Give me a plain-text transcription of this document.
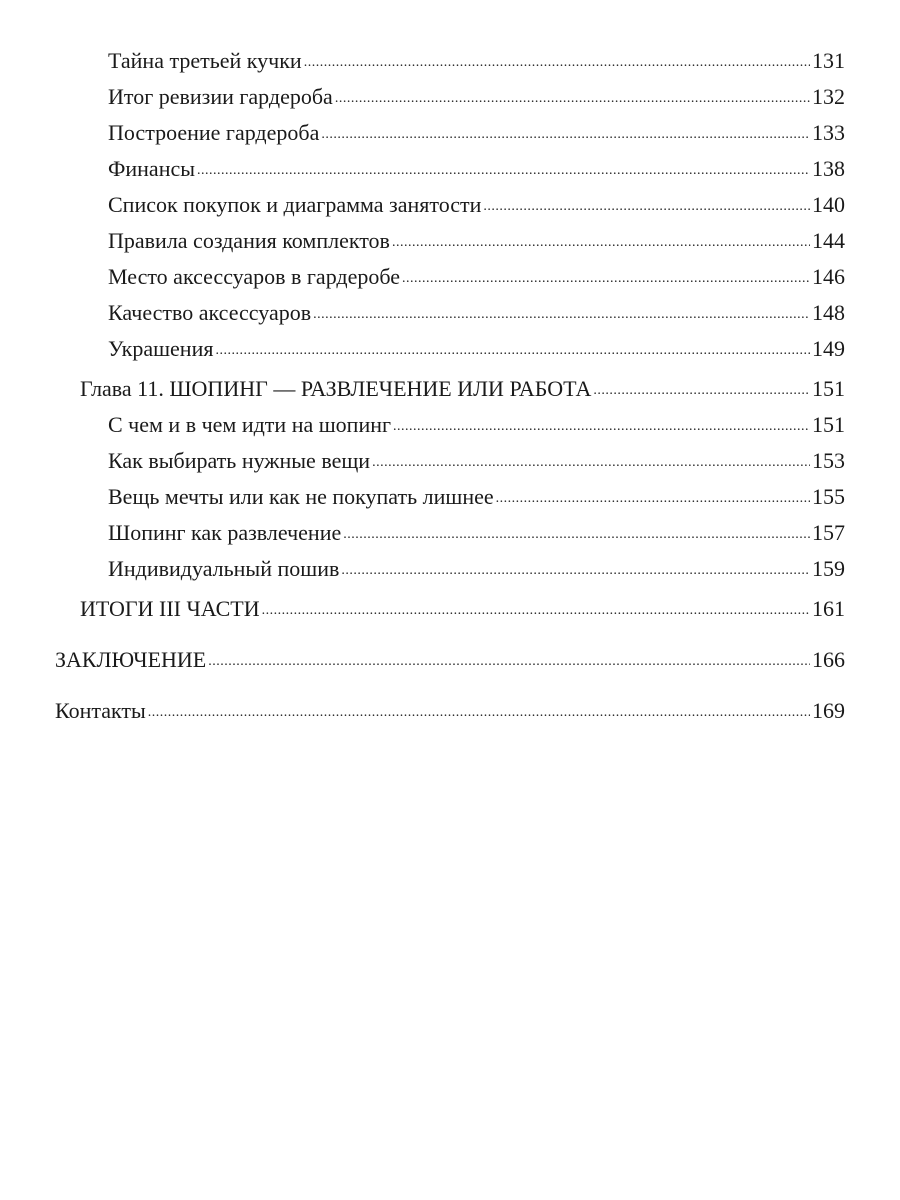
Тайна третьей кучки .....	131
Итог ревизии гардероба .....	132
Построение гардероба .....	133
Финансы .....	138
Список покупок и диаграмма занятости .....	140
Правила создания комплектов .....	144
Место аксессуаров в гардеробе .....	146
Качество аксессуаров .....	148
Украшения .....	149
Глава 11. ШОПИНГ — РАЗВЛЕЧЕНИЕ ИЛИ РАБОТА .....	151
С чем и в чем идти на шопинг .....	151
Как выбирать нужные вещи .....	153
Вещь мечты или как не покупать лишнее .....	155
Шопинг как развлечение .....	157
Индивидуальный пошив .....	159
ИТОГИ III ЧАСТИ .....	161
ЗАКЛЮЧЕНИЕ .....	166
Контакты .....	169
